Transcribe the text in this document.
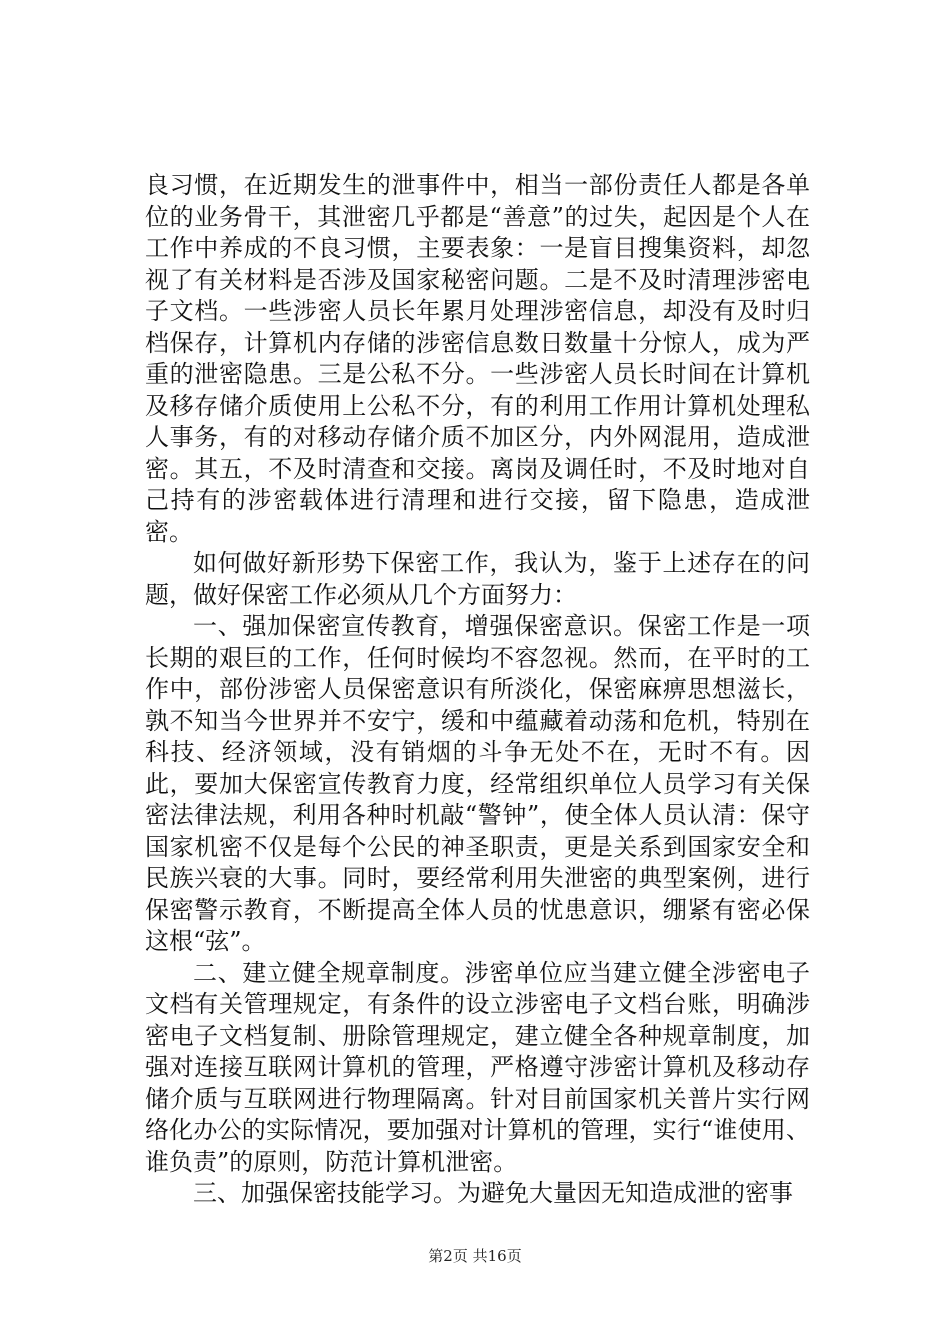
良习惯，在近期发生的泄事件中，相当一部份责任人都是各单位的业务骨干，其泄密几乎都是“善意”的过失，起因是个人在工作中养成的不良习惯，主要表象：一是盲目搜集资料，却忽视了有关材料是否涉及国家秘密问题。二是不及时清理涉密电子文档。一些涉密人员长年累月处理涉密信息，却没有及时归档保存，计算机内存储的涉密信息数日数量十分惊人，成为严重的泄密隐患。三是公私不分。一些涉密人员长时间在计算机及移存储介质使用上公私不分，有的利用工作用计算机处理私人事务，有的对移动存储介质不加区分，内外网混用，造成泄密。其五，不及时清查和交接。离岗及调任时，不及时地对自己持有的涉密载体进行清理和进行交接，留下隐患，造成泄密。

如何做好新形势下保密工作，我认为，鉴于上述存在的问题，做好保密工作必须从几个方面努力：

一、强加保密宣传教育，增强保密意识。保密工作是一项长期的艰巨的工作，任何时候均不容忽视。然而，在平时的工作中，部份涉密人员保密意识有所淡化，保密麻痹思想滋长，孰不知当今世界并不安宁，缓和中蕴藏着动荡和危机，特别在科技、经济领域，没有销烟的斗争无处不在，无时不有。因此，要加大保密宣传教育力度，经常组织单位人员学习有关保密法律法规，利用各种时机敲“警钟”，使全体人员认清：保守国家机密不仅是每个公民的神圣职责，更是关系到国家安全和民族兴衰的大事。同时，要经常利用失泄密的典型案例，进行保密警示教育，不断提高全体人员的忧患意识，绷紧有密必保这根“弦”。

二、建立健全规章制度。涉密单位应当建立健全涉密电子文档有关管理规定，有条件的设立涉密电子文档台账，明确涉密电子文档复制、册除管理规定，建立健全各种规章制度，加强对连接互联网计算机的管理，严格遵守涉密计算机及移动存储介质与互联网进行物理隔离。针对目前国家机关普片实行网络化办公的实际情况，要加强对计算机的管理，实行“谁使用、谁负责”的原则，防范计算机泄密。

三、加强保密技能学习。为避免大量因无知造成泄的密事

第2页 共16页
